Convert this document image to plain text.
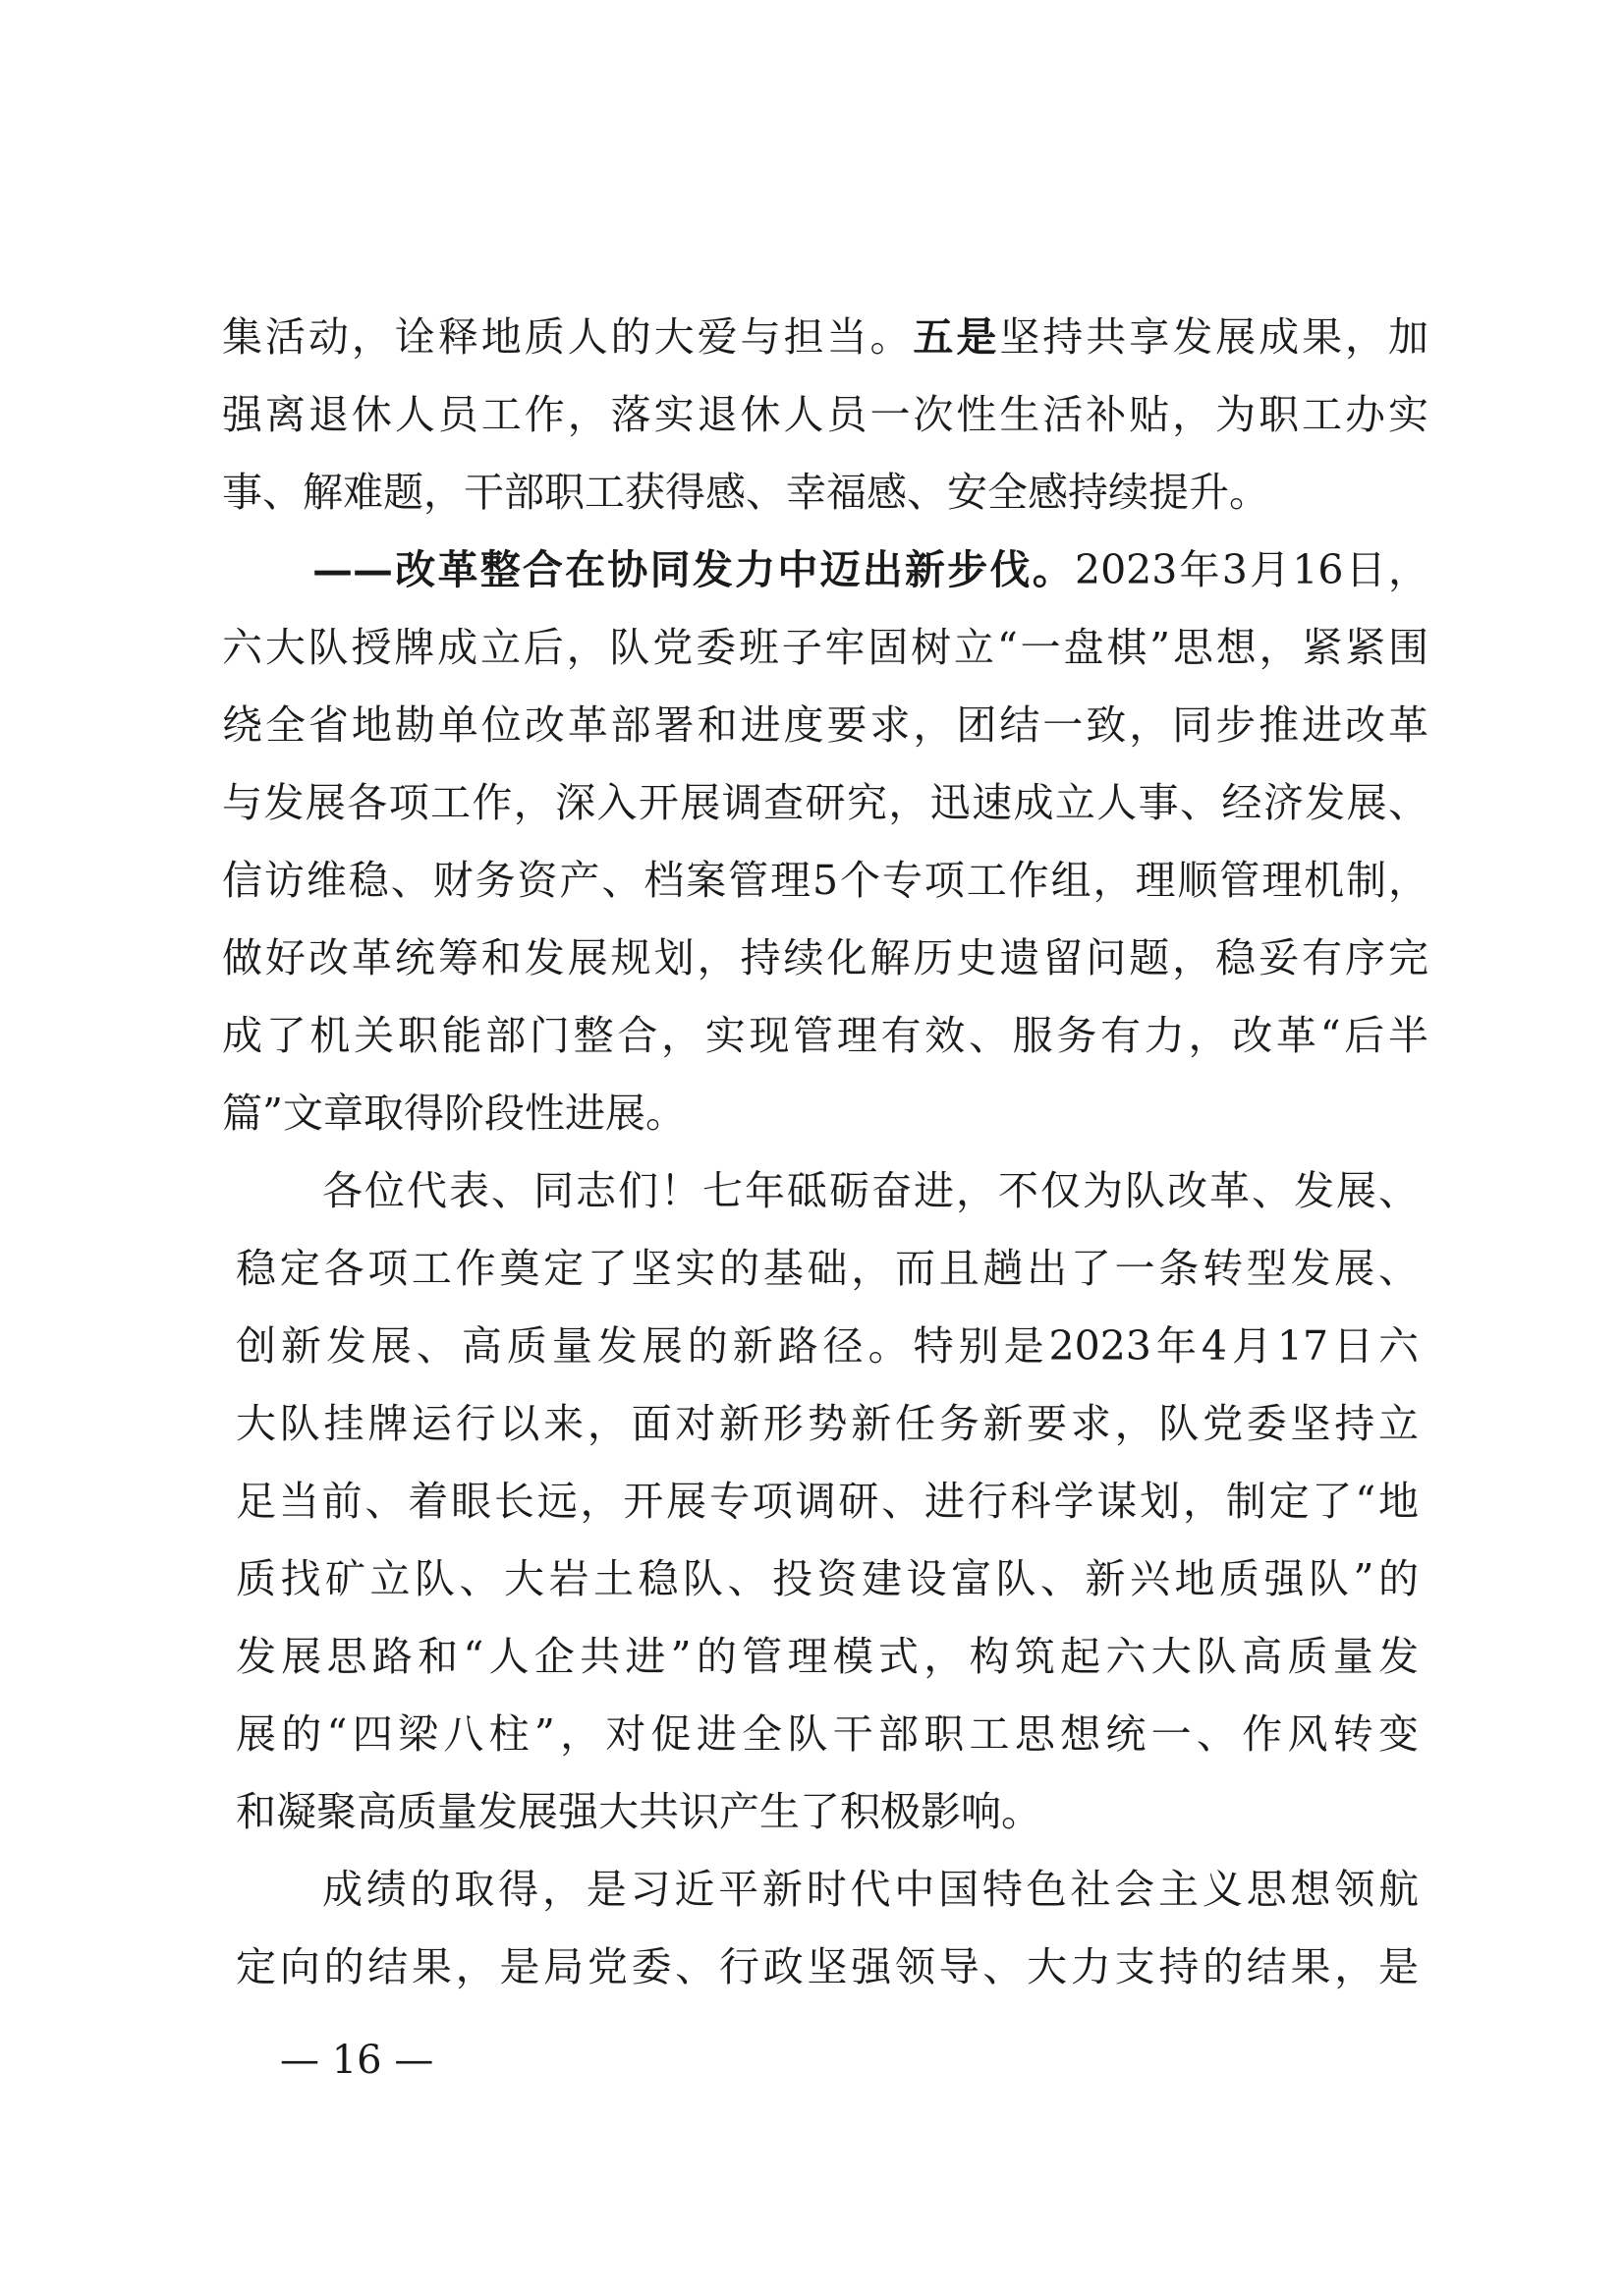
集活动，诠释地质人的大爱与担当。五是坚持共享发展成果，加
强离退休人员工作，落实退休人员一次性生活补贴，为职工办实
事、解难题，干部职工获得感、幸福感、安全感持续提升。
——改革整合在协同发力中迈出新步伐。2023年3月16日，
六大队授牌成立后，队党委班子牢固树立“一盘棋”思想，紧紧围
绕全省地勘单位改革部署和进度要求，团结一致，同步推进改革
与发展各项工作，深入开展调查研究，迅速成立人事、经济发展、
信访维稳、财务资产、档案管理5个专项工作组，理顺管理机制，
做好改革统筹和发展规划，持续化解历史遗留问题，稳妥有序完
成了机关职能部门整合，实现管理有效、服务有力，改革“后半
篇”文章取得阶段性进展。
各位代表、同志们！七年砥砺奋进，不仅为队改革、发展、
稳定各项工作奠定了坚实的基础，而且趟出了一条转型发展、
创新发展、高质量发展的新路径。特别是2023年4月17日六
大队挂牌运行以来，面对新形势新任务新要求，队党委坚持立
足当前、着眼长远，开展专项调研、进行科学谋划，制定了“地
质找矿立队、大岩土稳队、投资建设富队、新兴地质强队”的
发展思路和“人企共进”的管理模式，构筑起六大队高质量发
展的“四梁八柱”，对促进全队干部职工思想统一、作风转变
和凝聚高质量发展强大共识产生了积极影响。
成绩的取得，是习近平新时代中国特色社会主义思想领航
定向的结果，是局党委、行政坚强领导、大力支持的结果，是
— 16 —
